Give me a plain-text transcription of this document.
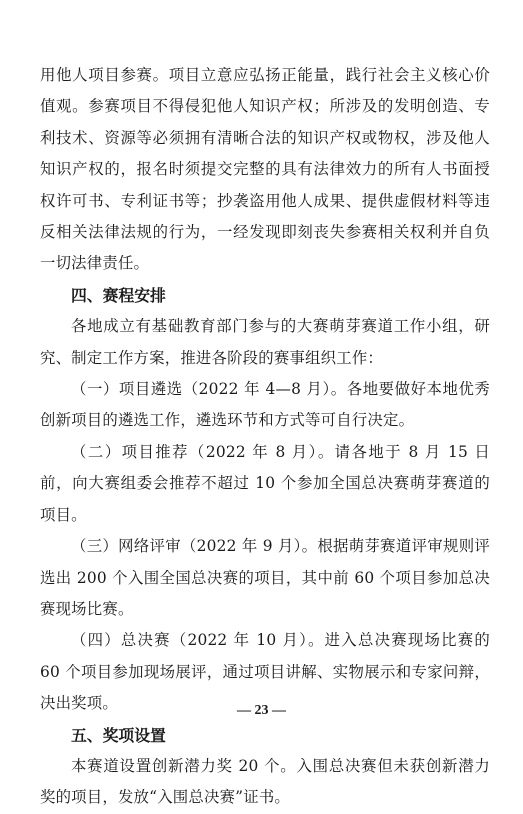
用他人项目参赛。项目立意应弘扬正能量，践行社会主义核心价值观。参赛项目不得侵犯他人知识产权；所涉及的发明创造、专利技术、资源等必须拥有清晰合法的知识产权或物权，涉及他人知识产权的，报名时须提交完整的具有法律效力的所有人书面授权许可书、专利证书等；抄袭盗用他人成果、提供虚假材料等违反相关法律法规的行为，一经发现即刻丧失参赛相关权利并自负一切法律责任。

四、赛程安排

各地成立有基础教育部门参与的大赛萌芽赛道工作小组，研究、制定工作方案，推进各阶段的赛事组织工作：

（一）项目遴选（2022 年 4—8 月）。各地要做好本地优秀创新项目的遴选工作，遴选环节和方式等可自行决定。

（二）项目推荐（2022 年 8 月）。请各地于 8 月 15 日前，向大赛组委会推荐不超过 10 个参加全国总决赛萌芽赛道的项目。

（三）网络评审（2022 年 9 月）。根据萌芽赛道评审规则评选出 200 个入围全国总决赛的项目，其中前 60 个项目参加总决赛现场比赛。

（四）总决赛（2022 年 10 月）。进入总决赛现场比赛的 60 个项目参加现场展评，通过项目讲解、实物展示和专家问辩，决出奖项。

五、奖项设置

本赛道设置创新潜力奖 20 个。入围总决赛但未获创新潜力奖的项目，发放“入围总决赛”证书。

— 23 —
